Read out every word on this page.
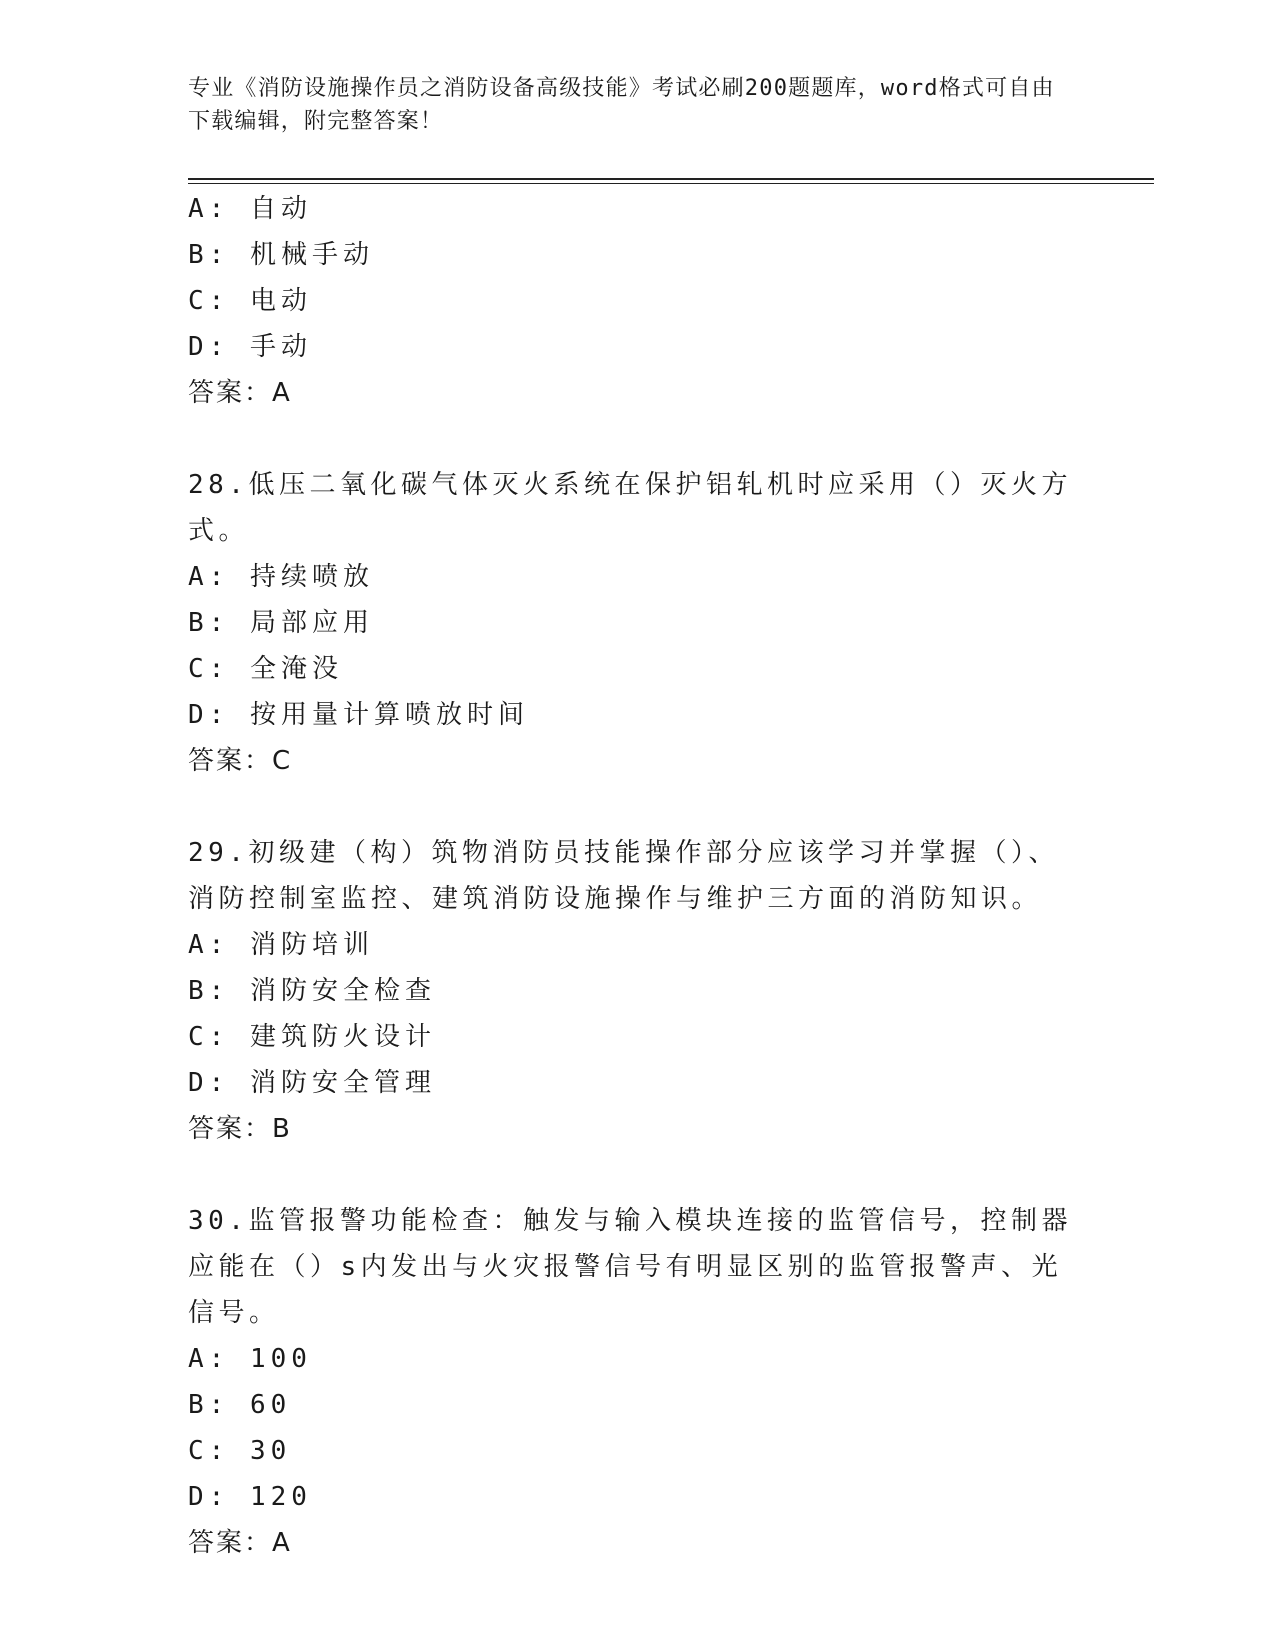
专业《消防设施操作员之消防设备高级技能》考试必刷200题题库，word格式可自由下载编辑，附完整答案！
A: 自动
B: 机械手动
C: 电动
D: 手动
答案：A
28.低压二氧化碳气体灭火系统在保护铝轧机时应采用（）灭火方式。
A: 持续喷放
B: 局部应用
C: 全淹没
D: 按用量计算喷放时间
答案：C
29.初级建（构）筑物消防员技能操作部分应该学习并掌握（）、消防控制室监控、建筑消防设施操作与维护三方面的消防知识。
A: 消防培训
B: 消防安全检查
C: 建筑防火设计
D: 消防安全管理
答案：B
30.监管报警功能检查：触发与输入模块连接的监管信号，控制器应能在（）s内发出与火灾报警信号有明显区别的监管报警声、光信号。
A: 100
B: 60
C: 30
D: 120
答案：A
